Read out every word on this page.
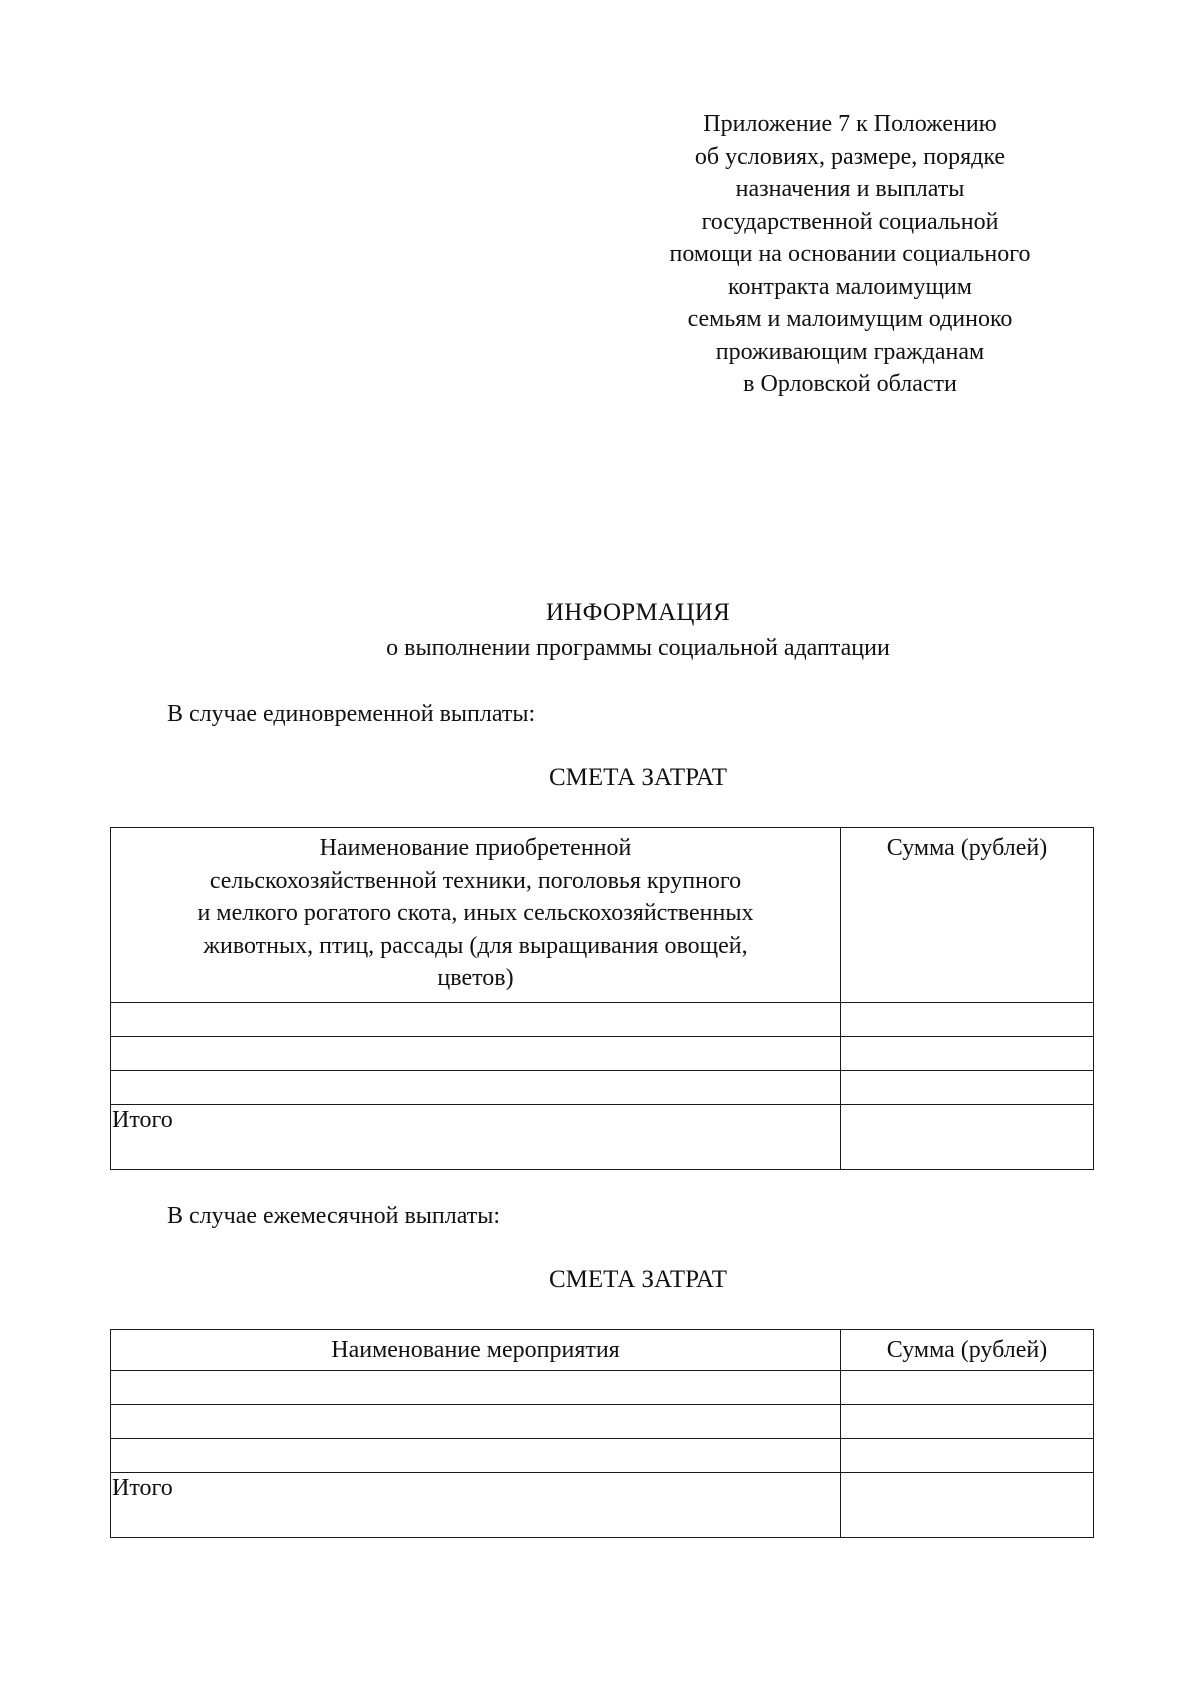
Приложение 7 к Положению
об условиях, размере, порядке
назначения и выплаты
государственной социальной
помощи на основании социального
контракта малоимущим
семьям и малоимущим одиноко
проживающим гражданам
в Орловской области
ИНФОРМАЦИЯ
о выполнении программы социальной адаптации
В случае единовременной выплаты:
СМЕТА ЗАТРАТ
Наименование приобретенной
сельскохозяйственной техники, поголовья крупного
и мелкого рогатого скота, иных сельскохозяйственных
животных, птиц, рассады (для выращивания овощей,
цветов)	Сумма (рублей)

Итого	
В случае ежемесячной выплаты:
СМЕТА ЗАТРАТ
Наименование мероприятия	Сумма (рублей)

Итого	
